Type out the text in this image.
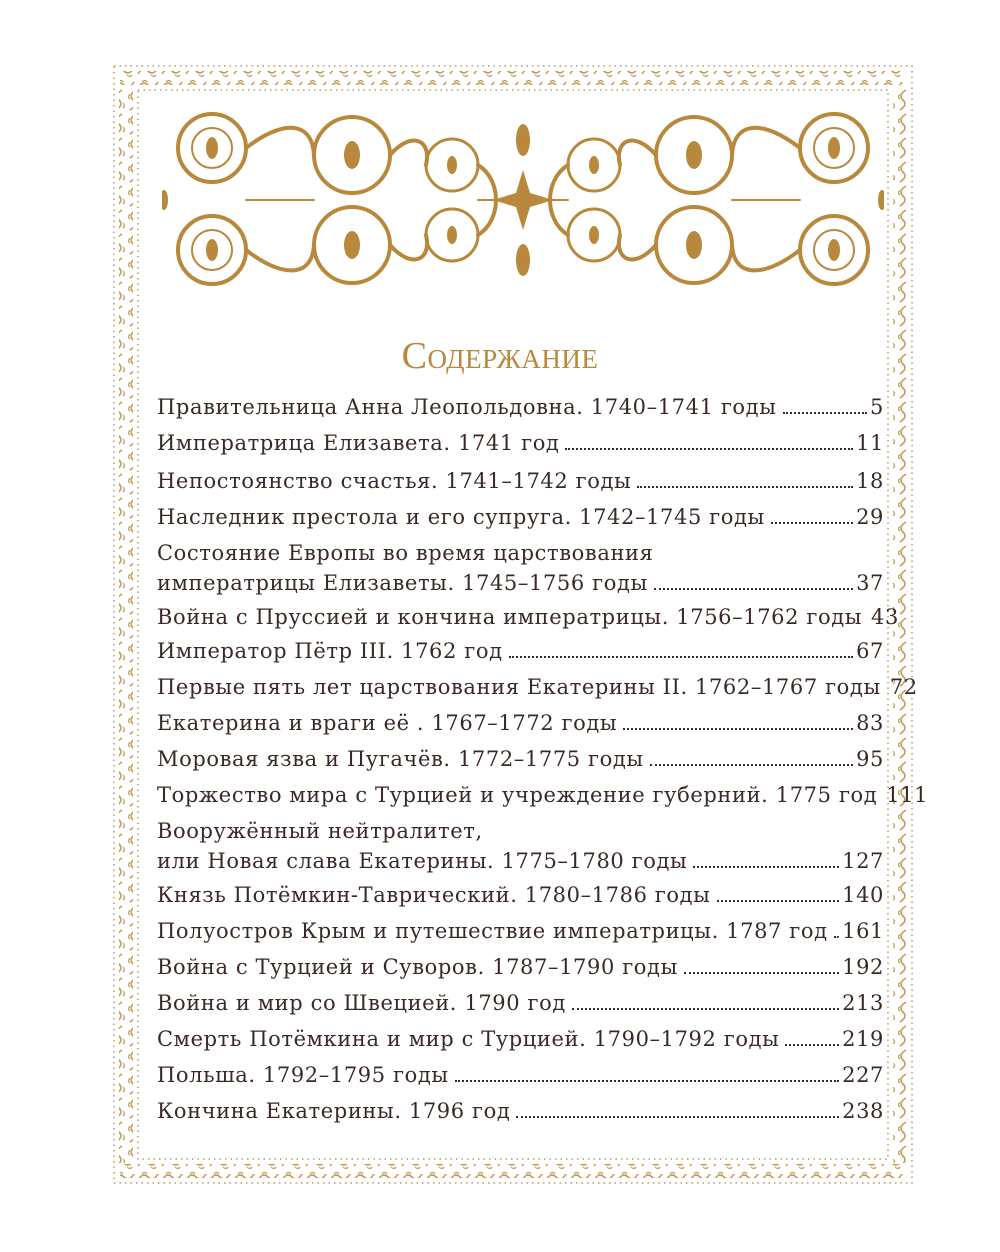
Содержание
Правительница Анна Леопольдовна. 1740–1741 годы	5
Императрица Елизавета. 1741 год	11
Непостоянство счастья. 1741–1742 годы	18
Наследник престола и его супруга. 1742–1745 годы	29
Состояние Европы во время царствования
императрицы Елизаветы. 1745–1756 годы	37
Война с Пруссией и кончина императрицы. 1756–1762 годы 43
Император Пётр III. 1762 год	67
Первые пять лет царствования Екатерины II. 1762–1767 годы 72
Екатерина и враги её . 1767–1772 годы	83
Моровая язва и Пугачёв. 1772–1775 годы	95
Торжество мира с Турцией и учреждение губерний. 1775 год 111
Вооружённый нейтралитет,
или Новая слава Екатерины. 1775–1780 годы	127
Князь Потёмкин-Таврический. 1780–1786 годы	140
Полуостров Крым и путешествие императрицы. 1787 год 161
Война с Турцией и Суворов. 1787–1790 годы	192
Война и мир со Швецией. 1790 год	213
Смерть Потёмкина и мир с Турцией. 1790–1792 годы	219
Польша. 1792–1795 годы	227
Кончина Екатерины. 1796 год	238
